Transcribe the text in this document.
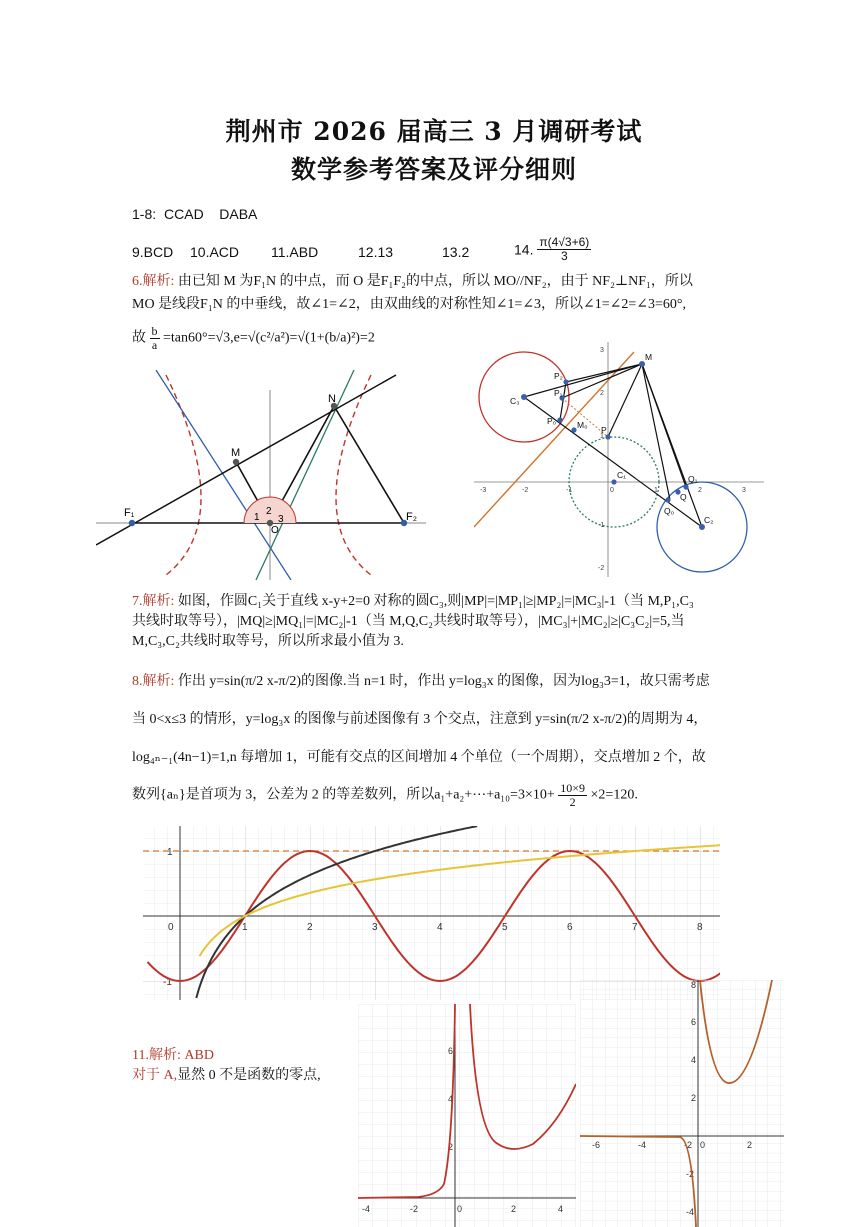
荆州市 2026 届高三 3 月调研考试
数学参考答案及评分细则
1-8: CCAD    DABA
9.BCD 10.ACD 11.ABD	12.13	13.2	14. $\frac{\pi(4√3+6)}{3}$
6.解析: 由已知 M 为F₁N 的中点，而 O 是F₁F₂的中点，所以 MO//NF₂，由于 NF₂⊥NF₁，所以
MO 是线段F₁N 的中垂线，故∠1=∠2，由双曲线的对称性知∠1=∠3，所以∠1=∠2=∠3=60°,
故 $\frac{b}{a} =\tan 60^\circ=√3,e=√(c^2/a^2)=√(1+(b/a)^2)=2$
F₁	F₂
M
N
O
1
2
3
-3	-2	-1	0	1	2	3
3
2
1
-1
-2
M
C₃
P₂
P₁
P
P₀ M₀
C₁
C₂
Q₁
Q
Q₀
7.解析: 如图，作圆C₁关于直线 x-y+2=0 对称的圆C₃,则|MP|=|MP₁|≥|MP₂|=|MC₃|-1（当 M,P₁,C₃
共线时取等号），|MQ|≥|MQ₁|=|MC₂|-1（当 M,Q,C₂共线时取等号），|MC₃|+|MC₂|≥|C₃C₂|=5,当
M,C₃,C₂共线时取等号，所以所求最小值为 3.
8.解析: 作出 y=sin(π/2 x-π/2)的图像.当 n=1 时，作出 y=log₃x 的图像，因为log₃3=1，故只需考虑
当 0<x≤3 的情形，y=log₃x 的图像与前述图像有 3 个交点，注意到 y=sin(π/2 x-π/2)的周期为 4，
log₄ₙ₋₁(4n−1)=1,n 每增加 1，可能有交点的区间增加 4 个单位（一个周期），交点增加 2 个，故
数列{aₙ}是首项为 3，公差为 2 的等差数列，所以a₁+a₂+⋯+a₁₀=3×10+ $\frac{10\times 9}{2} \times 2=120$.
0	1	2	3	4	5	6	7	8
1
-1
11.解析: ABD
对于 A,显然 0 不是函数的零点,
-4	-2	0	2	4
6
4
2	-6	-4	-2 0	2
8
6
4
2
-2
-4
